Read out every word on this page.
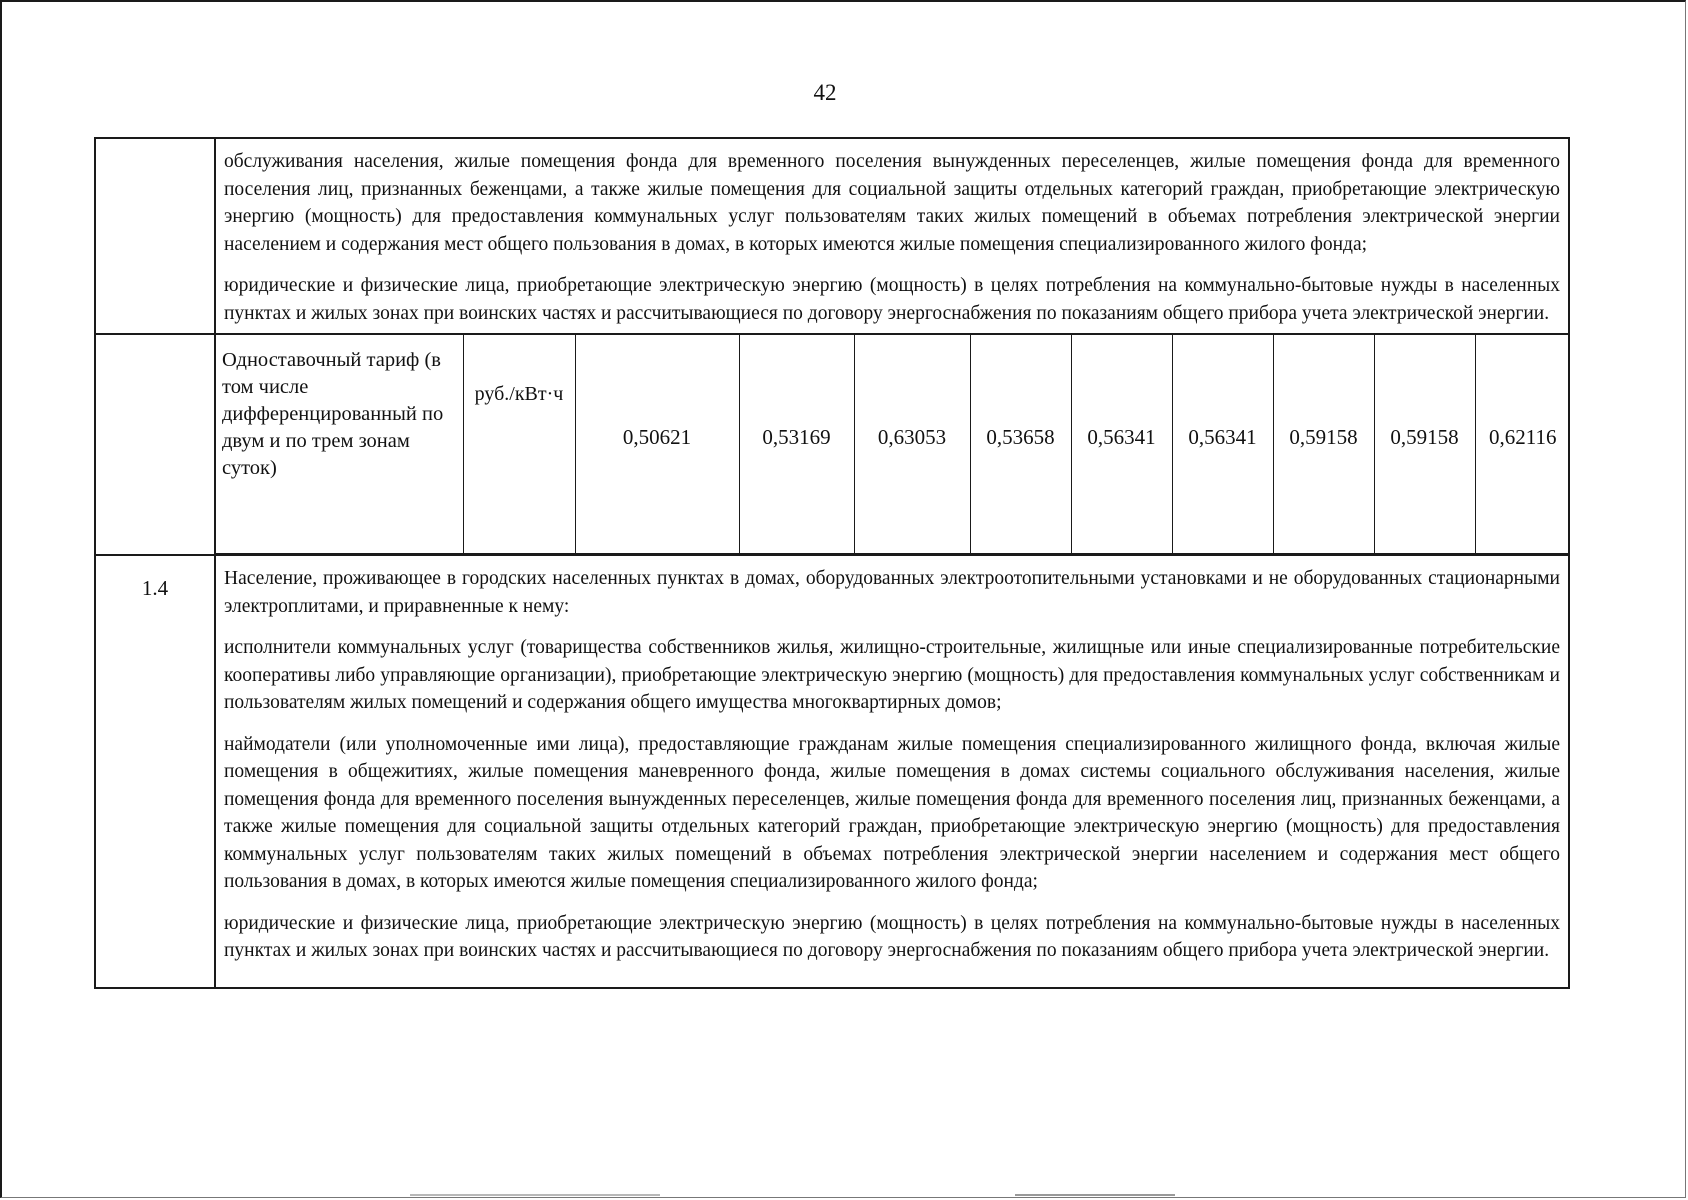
42

обслуживания населения, жилые помещения фонда для временного поселения вынужденных переселенцев, жилые помещения фонда для временного поселения лиц, признанных беженцами, а также жилые помещения для социальной защиты отдельных категорий граждан, приобретающие электрическую энергию (мощность) для предоставления коммунальных услуг пользователям таких жилых помещений в объемах потребления электрической энергии населением и содержания мест общего пользования в домах, в которых имеются жилые помещения специализированного жилого фонда;

юридические и физические лица, приобретающие электрическую энергию (мощность) в целях потребления на коммунально-бытовые нужды в населенных пунктах и жилых зонах при воинских частях и рассчитывающиеся по договору энергоснабжения по показаниям общего прибора учета электрической энергии.

Одноставочный тариф (в том числе дифференцированный по двум и по трем зонам суток)	руб./кВт·ч	0,50621	0,53169	0,63053	0,53658	0,56341	0,56341	0,59158	0,59158	0,62116

1.4	Население, проживающее в городских населенных пунктах в домах, оборудованных электроотопительными установками и не оборудованных стационарными электроплитами, и приравненные к нему:

исполнители коммунальных услуг (товарищества собственников жилья, жилищно-строительные, жилищные или иные специализированные потребительские кооперативы либо управляющие организации), приобретающие электрическую энергию (мощность) для предоставления коммунальных услуг собственникам и пользователям жилых помещений и содержания общего имущества многоквартирных домов;

наймодатели (или уполномоченные ими лица), предоставляющие гражданам жилые помещения специализированного жилищного фонда, включая жилые помещения в общежитиях, жилые помещения маневренного фонда, жилые помещения в домах системы социального обслуживания населения, жилые помещения фонда для временного поселения вынужденных переселенцев, жилые помещения фонда для временного поселения лиц, признанных беженцами, а также жилые помещения для социальной защиты отдельных категорий граждан, приобретающие электрическую энергию (мощность) для предоставления коммунальных услуг пользователям таких жилых помещений в объемах потребления электрической энергии населением и содержания мест общего пользования в домах, в которых имеются жилые помещения специализированного жилого фонда;

юридические и физические лица, приобретающие электрическую энергию (мощность) в целях потребления на коммунально-бытовые нужды в населенных пунктах и жилых зонах при воинских частях и рассчитывающиеся по договору энергоснабжения по показаниям общего прибора учета электрической энергии.
